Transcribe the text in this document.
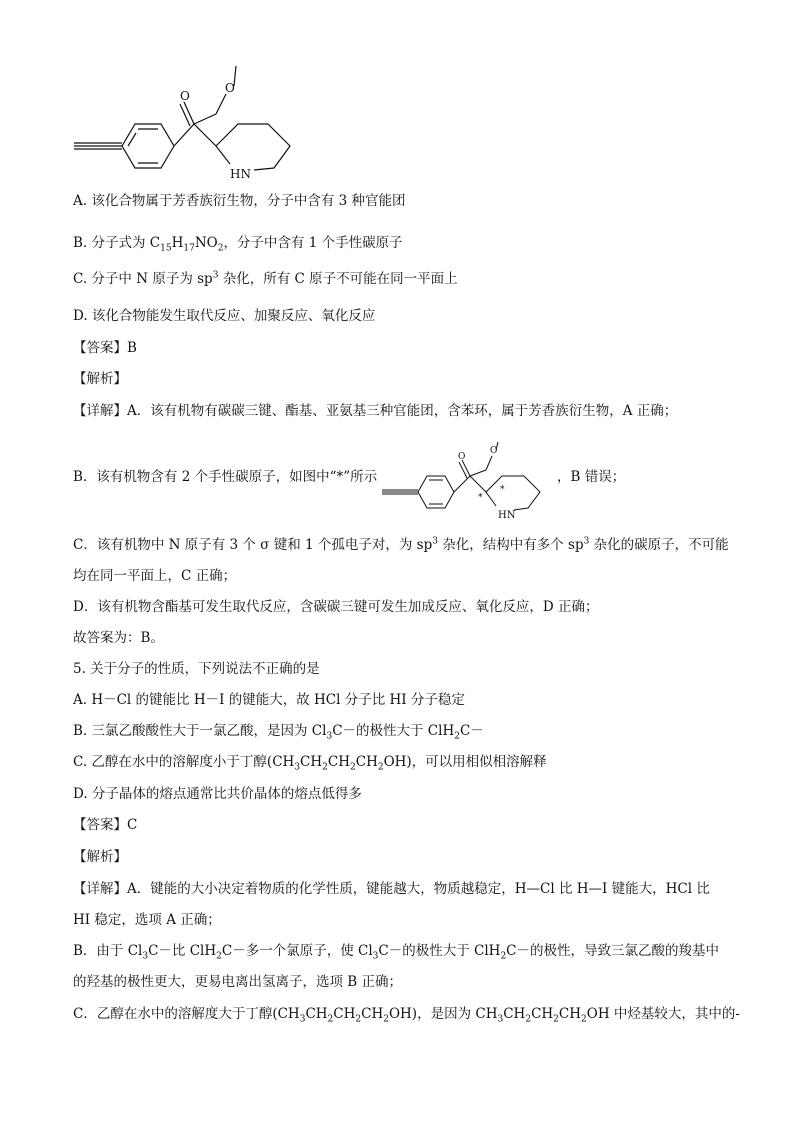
O
O
HN
A. 该化合物属于芳香族衍生物，分子中含有 3 种官能团
B. 分子式为 $C_{15}H_{17}NO_2$，分子中含有 1 个手性碳原子
C. 分子中 N 原子为 $sp^3$ 杂化，所有 C 原子不可能在同一平面上
D. 该化合物能发生取代反应、加聚反应、氧化反应
【答案】B
【解析】
【详解】A．该有机物有碳碳三键、酯基、亚氨基三种官能团，含苯环，属于芳香族衍生物，A 正确；
B．该有机物含有 2 个手性碳原子，如图中“*”所示	，B 错误；
O
O
HN
*
*
C．该有机物中 N 原子有 3 个 σ 键和 1 个孤电子对，为 $sp^3$ 杂化，结构中有多个 $sp^3$ 杂化的碳原子，不可能
均在同一平面上，C 正确；
D．该有机物含酯基可发生取代反应，含碳碳三键可发生加成反应、氧化反应，D 正确；
故答案为：B。
5. 关于分子的性质，下列说法不正确的是
A. H－Cl 的键能比 H－I 的键能大，故 HCl 分子比 HI 分子稳定
B. 三氯乙酸酸性大于一氯乙酸，是因为 $Cl_3C-$的极性大于 ClH$_2$C－
C. 乙醇在水中的溶解度小于丁醇$(CH_3CH_2CH_2CH_2OH)$，可以用相似相溶解释
D. 分子晶体的熔点通常比共价晶体的熔点低得多
【答案】C
【解析】
【详解】A．键能的大小决定着物质的化学性质，键能越大，物质越稳定，H—Cl 比 H—I 键能大，HCl 比
HI 稳定，选项 A 正确；
B．由于 $Cl_3C-$比 ClH$_2$C－多一个氯原子，使 $Cl_3C-$的极性大于 ClH$_2$C－的极性，导致三氯乙酸的羧基中
的羟基的极性更大，更易电离出氢离子，选项 B 正确；
C．乙醇在水中的溶解度大于丁醇$(CH_3CH_2CH_2CH_2OH)$，是因为 $CH_3CH_2CH_2CH_2OH$ 中烃基较大，其中的-
